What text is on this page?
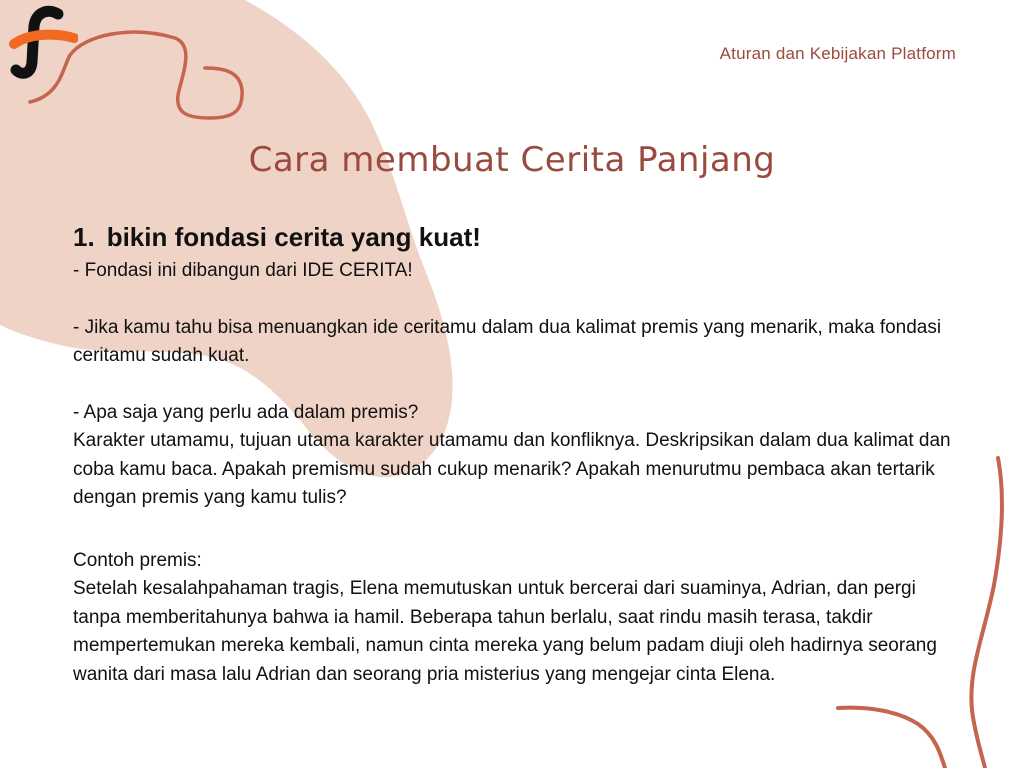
Aturan dan Kebijakan Platform
Cara membuat Cerita Panjang
1. bikin fondasi cerita yang kuat!

- Fondasi ini dibangun dari IDE CERITA!

- Jika kamu tahu bisa menuangkan ide ceritamu dalam dua kalimat premis yang menarik, maka fondasi ceritamu sudah kuat.

- Apa saja yang perlu ada dalam premis?

Karakter utamamu, tujuan utama karakter utamamu dan konfliknya. Deskripsikan dalam dua kalimat dan coba kamu baca. Apakah premismu sudah cukup menarik? Apakah menurutmu pembaca akan tertarik dengan premis yang kamu tulis?

Contoh premis:

Setelah kesalahpahaman tragis, Elena memutuskan untuk bercerai dari suaminya, Adrian, dan pergi tanpa memberitahunya bahwa ia hamil. Beberapa tahun berlalu, saat rindu masih terasa, takdir mempertemukan mereka kembali, namun cinta mereka yang belum padam diuji oleh hadirnya seorang wanita dari masa lalu Adrian dan seorang pria misterius yang mengejar cinta Elena.
